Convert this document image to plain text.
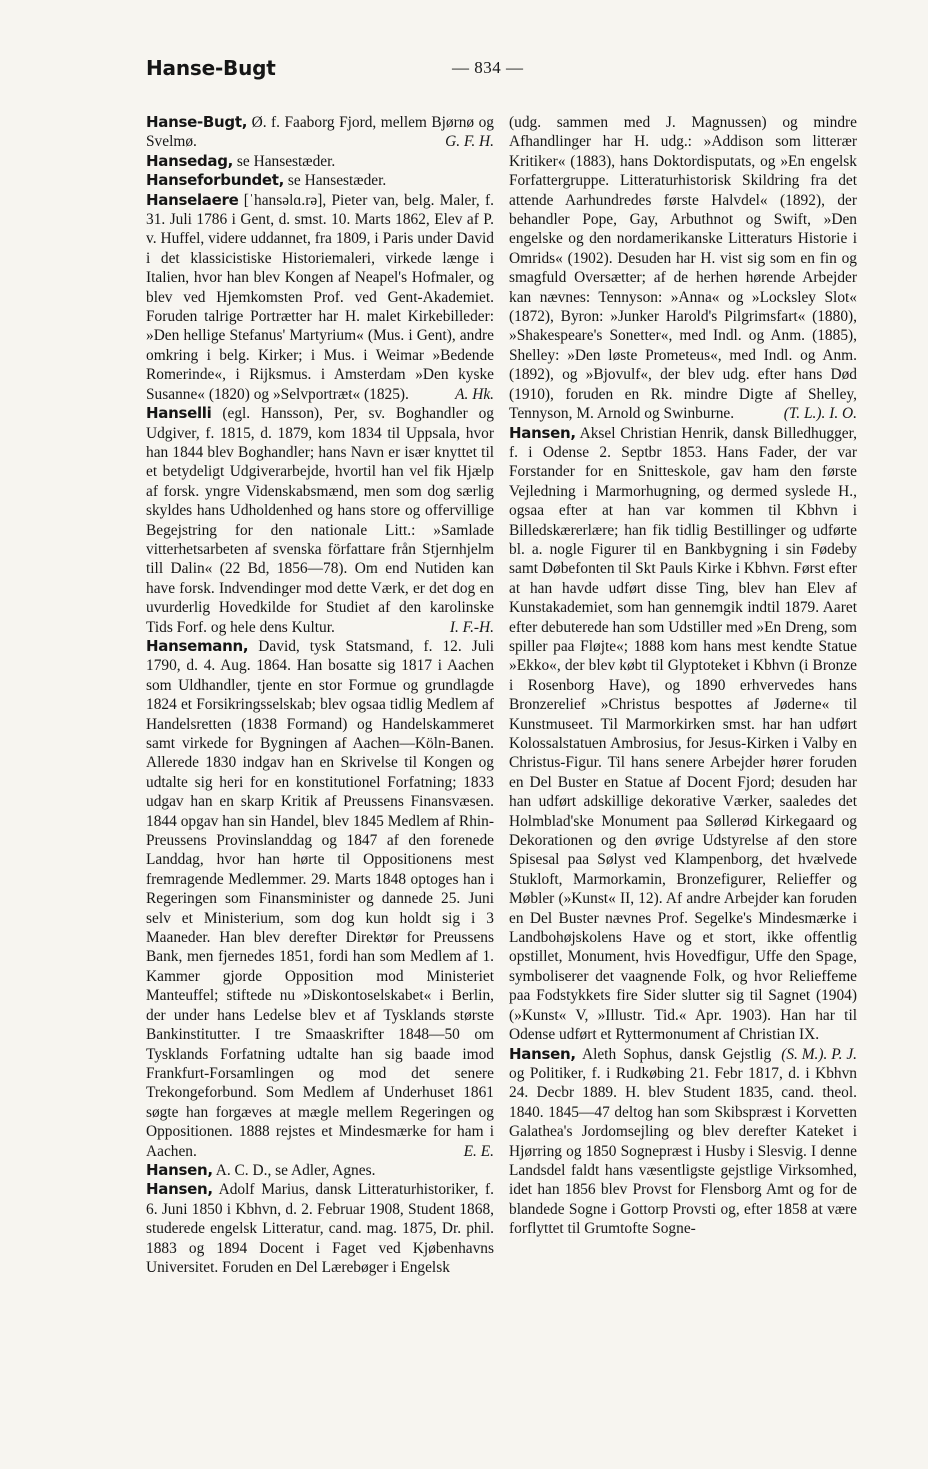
Hanse-Bugt	— 834 —

Hanse-Bugt, Ø. f. Faaborg Fjord, mellem Bjørnø og Svelmø.	G. F. H.

Hansedag, se Hansestæder.

Hanseforbundet, se Hansestæder.

Hanselaere [ˈhansəlɑ.rə], Pieter van, belg. Maler, f. 31. Juli 1786 i Gent, d. smst. 10. Marts 1862, Elev af P. v. Huffel, videre uddannet, fra 1809, i Paris under David i det klassicistiske Historiemaleri, virkede længe i Italien, hvor han blev Kongen af Neapel's Hofmaler, og blev ved Hjemkomsten Prof. ved Gent-Akademiet. Foruden talrige Portrætter har H. malet Kirkebilleder: »Den hellige Stefanus' Martyrium« (Mus. i Gent), andre omkring i belg. Kirker; i Mus. i Weimar »Bedende Romerinde«, i Rijksmus. i Amsterdam »Den kyske Susanne« (1820) og »Selvportræt« (1825).	A. Hk.

Hanselli (egl. Hansson), Per, sv. Boghandler og Udgiver, f. 1815, d. 1879, kom 1834 til Uppsala, hvor han 1844 blev Boghandler; hans Navn er især knyttet til et betydeligt Udgiverarbejde, hvortil han vel fik Hjælp af forsk. yngre Videnskabsmænd, men som dog særlig skyldes hans Udholdenhed og hans store og offervillige Begejstring for den nationale Litt.: »Samlade vitterhetsarbeten af svenska författare från Stjernhjelm till Dalin« (22 Bd, 1856—78). Om end Nutiden kan have forsk. Indvendinger mod dette Værk, er det dog en uvurderlig Hovedkilde for Studiet af den karolinske Tids Forf. og hele dens Kultur.	I. F.-H.

Hansemann, David, tysk Statsmand, f. 12. Juli 1790, d. 4. Aug. 1864. Han bosatte sig 1817 i Aachen som Uldhandler, tjente en stor Formue og grundlagde 1824 et Forsikringsselskab; blev ogsaa tidlig Medlem af Handelsretten (1838 Formand) og Handelskammeret samt virkede for Bygningen af Aachen—Köln-Banen. Allerede 1830 indgav han en Skrivelse til Kongen og udtalte sig heri for en konstitutionel Forfatning; 1833 udgav han en skarp Kritik af Preussens Finansvæsen. 1844 opgav han sin Handel, blev 1845 Medlem af Rhin-Preussens Provinslanddag og 1847 af den forenede Landdag, hvor han hørte til Oppositionens mest fremragende Medlemmer. 29. Marts 1848 optoges han i Regeringen som Finansminister og dannede 25. Juni selv et Ministerium, som dog kun holdt sig i 3 Maaneder. Han blev derefter Direktør for Preussens Bank, men fjernedes 1851, fordi han som Medlem af 1. Kammer gjorde Opposition mod Ministeriet Manteuffel; stiftede nu »Diskontoselskabet« i Berlin, der under hans Ledelse blev et af Tysklands største Bankinstitutter. I tre Smaaskrifter 1848—50 om Tysklands Forfatning udtalte han sig baade imod Frankfurt-Forsamlingen og mod det senere Trekongeforbund. Som Medlem af Underhuset 1861 søgte han forgæves at mægle mellem Regeringen og Oppositionen. 1888 rejstes et Mindesmærke for ham i Aachen.	E. E.

Hansen, A. C. D., se Adler, Agnes.

Hansen, Adolf Marius, dansk Litteraturhistoriker, f. 6. Juni 1850 i Kbhvn, d. 2. Februar 1908, Student 1868, studerede engelsk Litteratur, cand. mag. 1875, Dr. phil. 1883 og 1894 Docent i Faget ved Kjøbenhavns Universitet. Foruden en Del Lærebøger i Engelsk

(udg. sammen med J. Magnussen) og mindre Afhandlinger har H. udg.: »Addison som litterær Kritiker« (1883), hans Doktordisputats, og »En engelsk Forfattergruppe. Litteraturhistorisk Skildring fra det attende Aarhundredes første Halvdel« (1892), der behandler Pope, Gay, Arbuthnot og Swift, »Den engelske og den nordamerikanske Litteraturs Historie i Omrids« (1902). Desuden har H. vist sig som en fin og smagfuld Oversætter; af de herhen hørende Arbejder kan nævnes: Tennyson: »Anna« og »Locksley Slot« (1872), Byron: »Junker Harold's Pilgrimsfart« (1880), »Shakespeare's Sonetter«, med Indl. og Anm. (1885), Shelley: »Den løste Prometeus«, med Indl. og Anm. (1892), og »Bjovulf«, der blev udg. efter hans Død (1910), foruden en Rk. mindre Digte af Shelley, Tennyson, M. Arnold og Swinburne.	(T. L.). I. O.

Hansen, Aksel Christian Henrik, dansk Billedhugger, f. i Odense 2. Septbr 1853. Hans Fader, der var Forstander for en Snitteskole, gav ham den første Vejledning i Marmorhugning, og dermed syslede H., ogsaa efter at han var kommen til Kbhvn i Billedskærerlære; han fik tidlig Bestillinger og udførte bl. a. nogle Figurer til en Bankbygning i sin Fødeby samt Døbefonten til Skt Pauls Kirke i Kbhvn. Først efter at han havde udført disse Ting, blev han Elev af Kunstakademiet, som han gennemgik indtil 1879. Aaret efter debuterede han som Udstiller med »En Dreng, som spiller paa Fløjte«; 1888 kom hans mest kendte Statue »Ekko«, der blev købt til Glyptoteket i Kbhvn (i Bronze i Rosenborg Have), og 1890 erhvervedes hans Bronzerelief »Christus bespottes af Jøderne« til Kunstmuseet. Til Marmorkirken smst. har han udført Kolossalstatuen Ambrosius, for Jesus-Kirken i Valby en Christus-Figur. Til hans senere Arbejder hører foruden en Del Buster en Statue af Docent Fjord; desuden har han udført adskillige dekorative Værker, saaledes det Holmblad'ske Monument paa Søllerød Kirkegaard og Dekorationen og den øvrige Udstyrelse af den store Spisesal paa Sølyst ved Klampenborg, det hvælvede Stukloft, Marmorkamin, Bronzefigurer, Relieffer og Møbler (»Kunst« II, 12). Af andre Arbejder kan foruden en Del Buster nævnes Prof. Segelke's Mindesmærke i Landbohøjskolens Have og et stort, ikke offentlig opstillet, Monument, hvis Hovedfigur, Uffe den Spage, symboliserer det vaagnende Folk, og hvor Relieffeme paa Fodstykkets fire Sider slutter sig til Sagnet (1904) (»Kunst« V, »Illustr. Tid.« Apr. 1903). Han har til Odense udført et Ryttermonument af Christian IX.
(S. M.). P. J.

Hansen, Aleth Sophus, dansk Gejstlig og Politiker, f. i Rudkøbing 21. Febr 1817, d. i Kbhvn 24. Decbr 1889. H. blev Student 1835, cand. theol. 1840. 1845—47 deltog han som Skibspræst i Korvetten Galathea's Jordomsejling og blev derefter Kateket i Hjørring og 1850 Sognepræst i Husby i Slesvig. I denne Landsdel faldt hans væsentligste gejstlige Virksomhed, idet han 1856 blev Provst for Flensborg Amt og for de blandede Sogne i Gottorp Provsti og, efter 1858 at være forflyttet til Grumtofte Sogne-
